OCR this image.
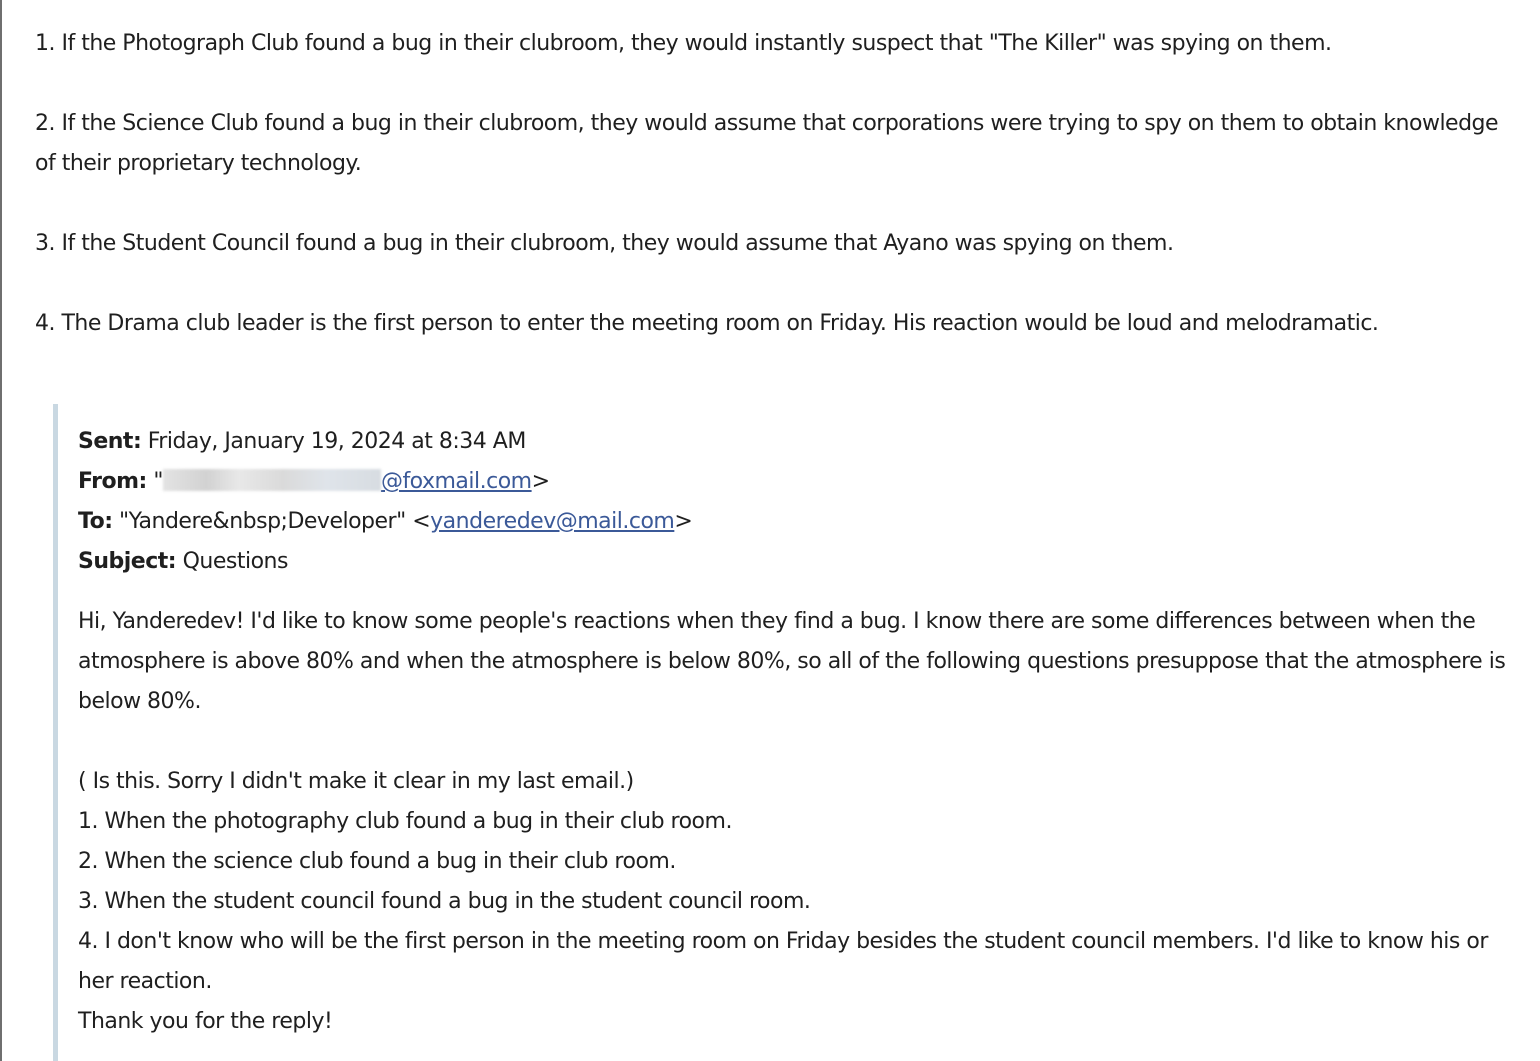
1. If the Photograph Club found a bug in their clubroom, they would instantly suspect that "The Killer" was spying on them.

2. If the Science Club found a bug in their clubroom, they would assume that corporations were trying to spy on them to obtain knowledge of their proprietary technology.

3. If the Student Council found a bug in their clubroom, they would assume that Ayano was spying on them.

4. The Drama club leader is the first person to enter the meeting room on Friday. His reaction would be loud and melodramatic.

Sent: Friday, January 19, 2024 at 8:34 AM
From: "	@foxmail.com>
To: "Yandere&nbsp;Developer" <yanderedev@mail.com>
Subject: Questions

Hi, Yanderedev! I'd like to know some people's reactions when they find a bug. I know there are some differences between when the atmosphere is above 80% and when the atmosphere is below 80%, so all of the following questions presuppose that the atmosphere is below 80%.

( Is this. Sorry I didn't make it clear in my last email.)

1. When the photography club found a bug in their club room.

2. When the science club found a bug in their club room.

3. When the student council found a bug in the student council room.

4. I don't know who will be the first person in the meeting room on Friday besides the student council members. I'd like to know his or her reaction.

Thank you for the reply!
